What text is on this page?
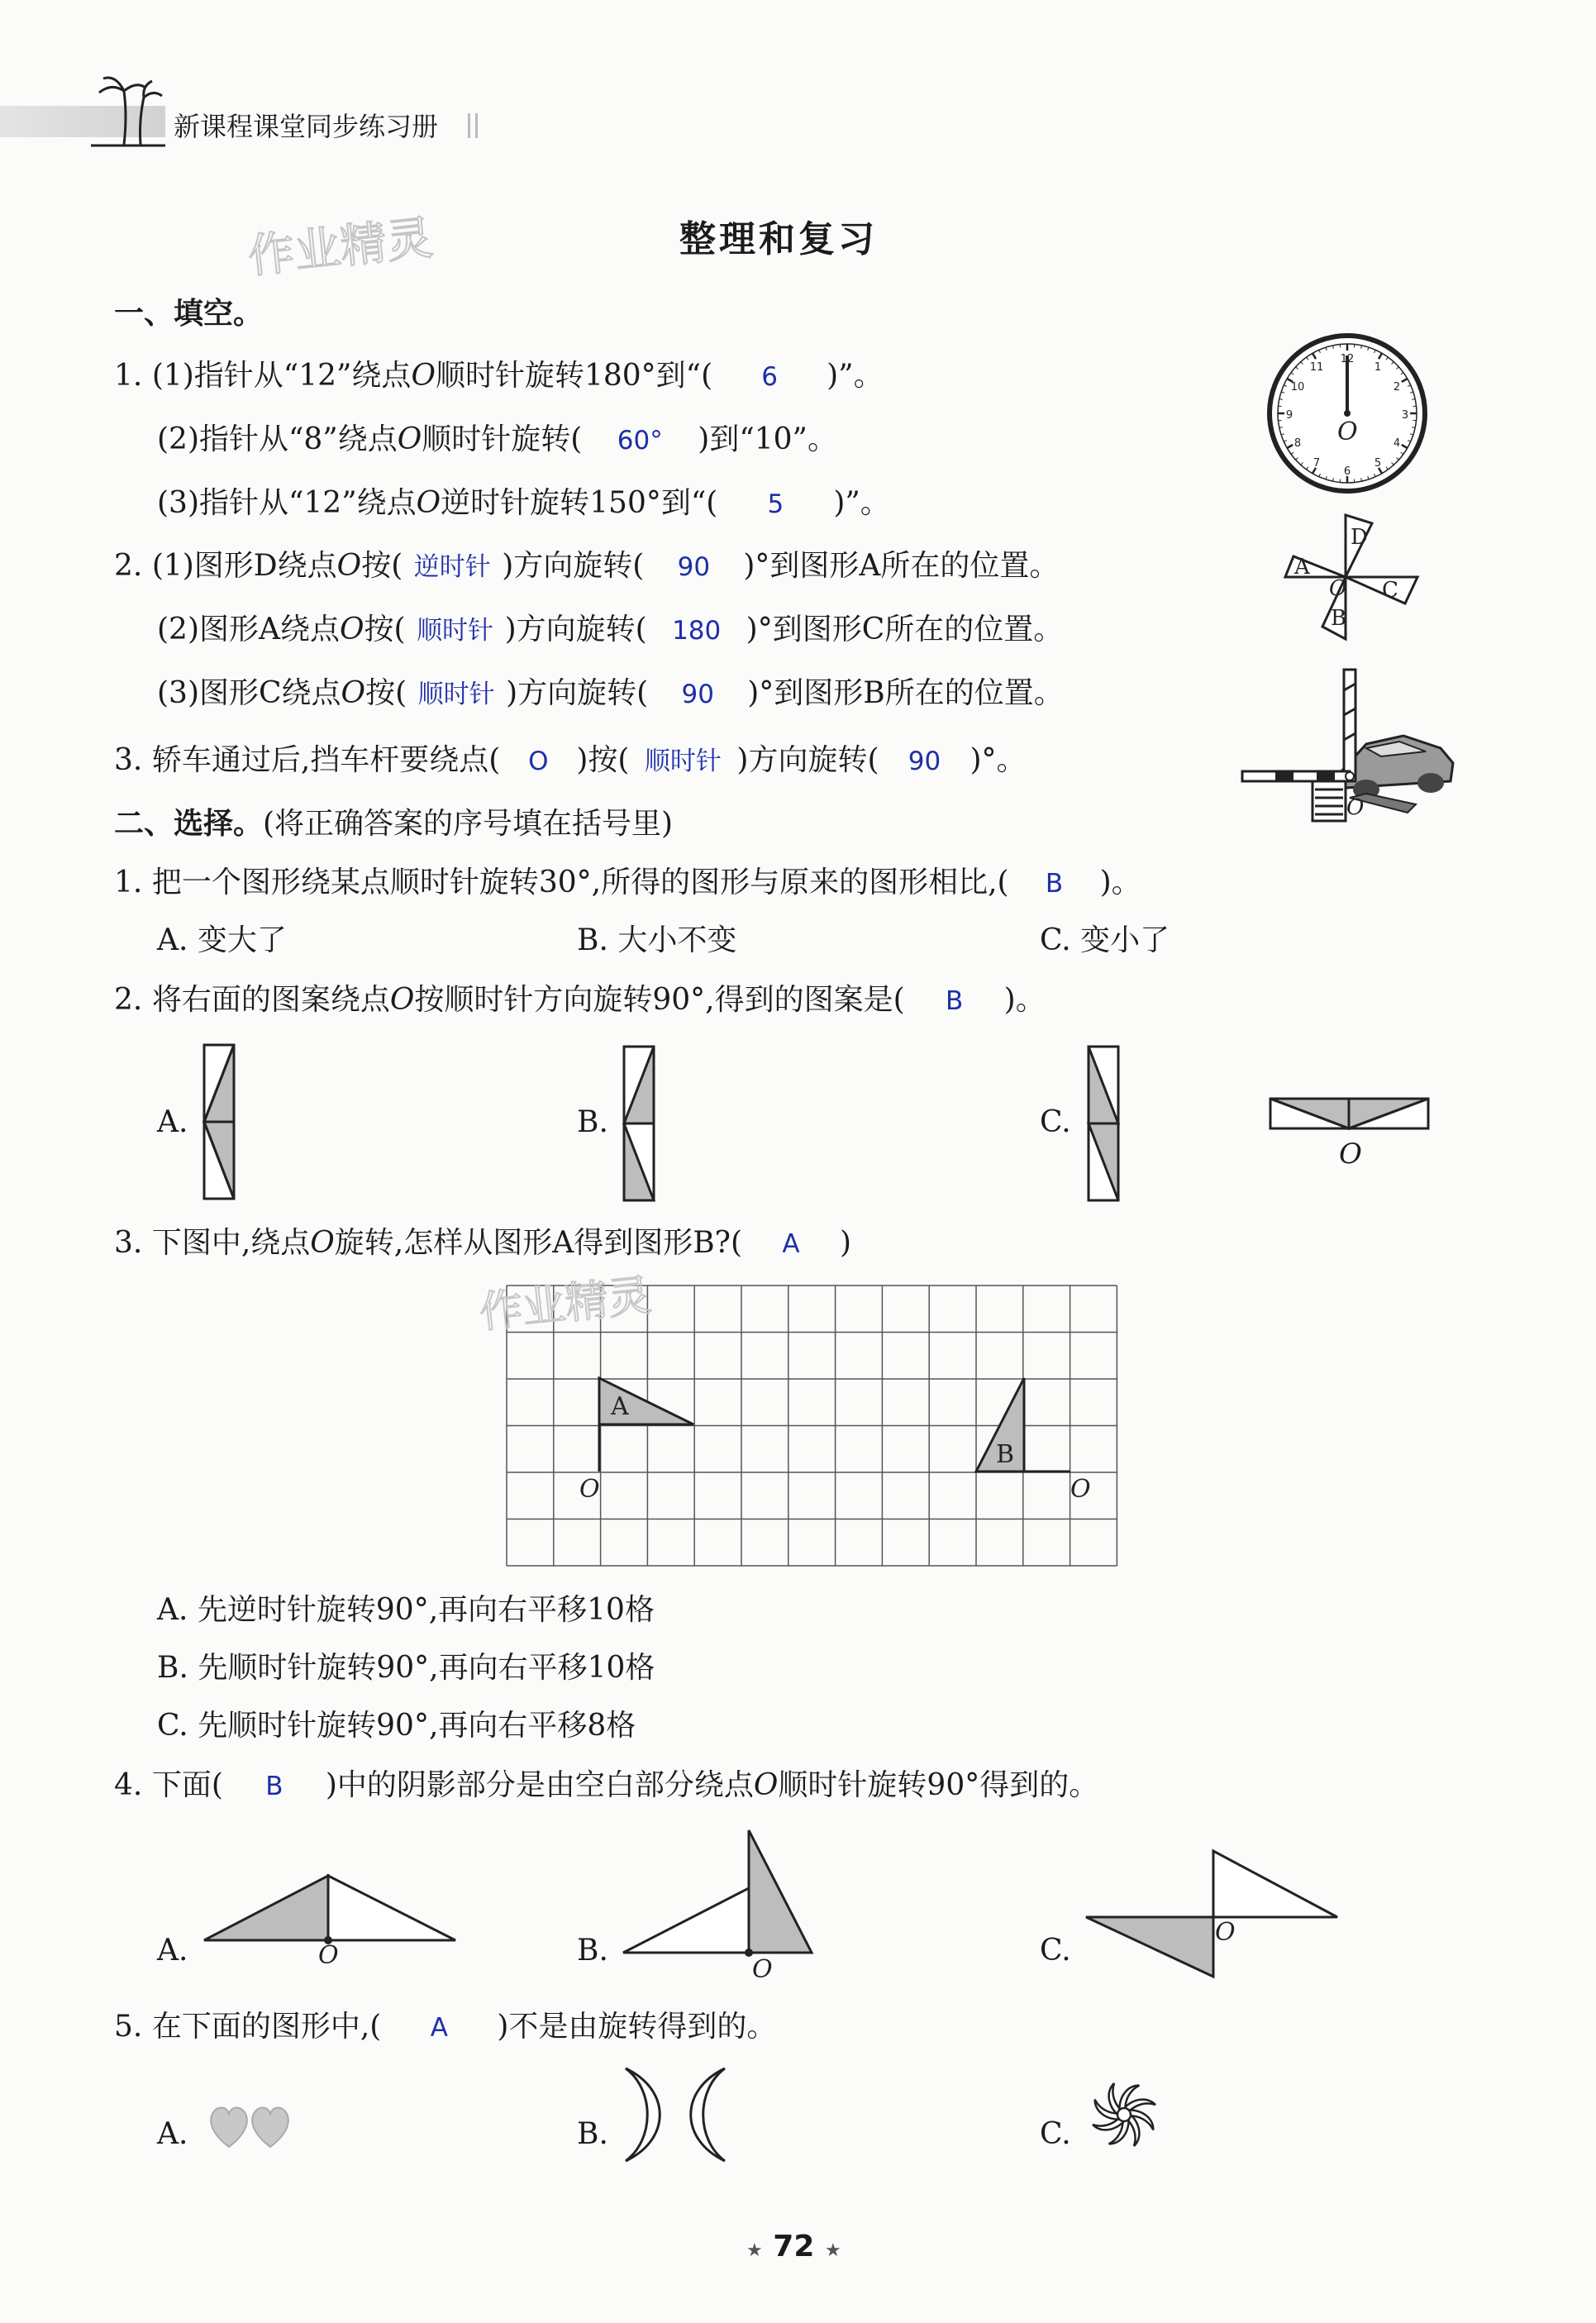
新课程课堂同步练习册
作业精灵	整理和复习
一、填空。
1. (1)指针从“12”绕点O顺时针旋转180°到“( 6 )”。
(2)指针从“8”绕点O顺时针旋转( 60° )到“10”。
(3)指针从“12”绕点O逆时针旋转150°到“( 5 )”。
12
1
2
3
4
5
6
7
8
9
10
11
O
2. (1)图形D绕点O按( 逆时针 )方向旋转( 90 )°到图形A所在的位置。
(2)图形A绕点O按( 顺时针 )方向旋转( 180 )°到图形C所在的位置。
(3)图形C绕点O按( 顺时针 )方向旋转( 90 )°到图形B所在的位置。
D
A
C
B
O
3. 轿车通过后,挡车杆要绕点( O )按( 顺时针 )方向旋转( 90 )°。
O
二、选择。(将正确答案的序号填在括号里)
1. 把一个图形绕某点顺时针旋转30°,所得的图形与原来的图形相比,( B )。
A. 变大了	B. 大小不变	C. 变小了
2. 将右面的图案绕点O按顺时针方向旋转90°,得到的图案是( B )。
A.	B.	C.
O
3. 下图中,绕点O旋转,怎样从图形A得到图形B?( A )
A
O
B
O
作业精灵
A. 先逆时针旋转90°,再向右平移10格
B. 先顺时针旋转90°,再向右平移10格
C. 先顺时针旋转90°,再向右平移8格
4. 下面( B )中的阴影部分是由空白部分绕点O顺时针旋转90°得到的。
A.	O	B.
O
C.
O
5. 在下面的图形中,( A )不是由旋转得到的。
A.	B.	C.
★ 72 ★
